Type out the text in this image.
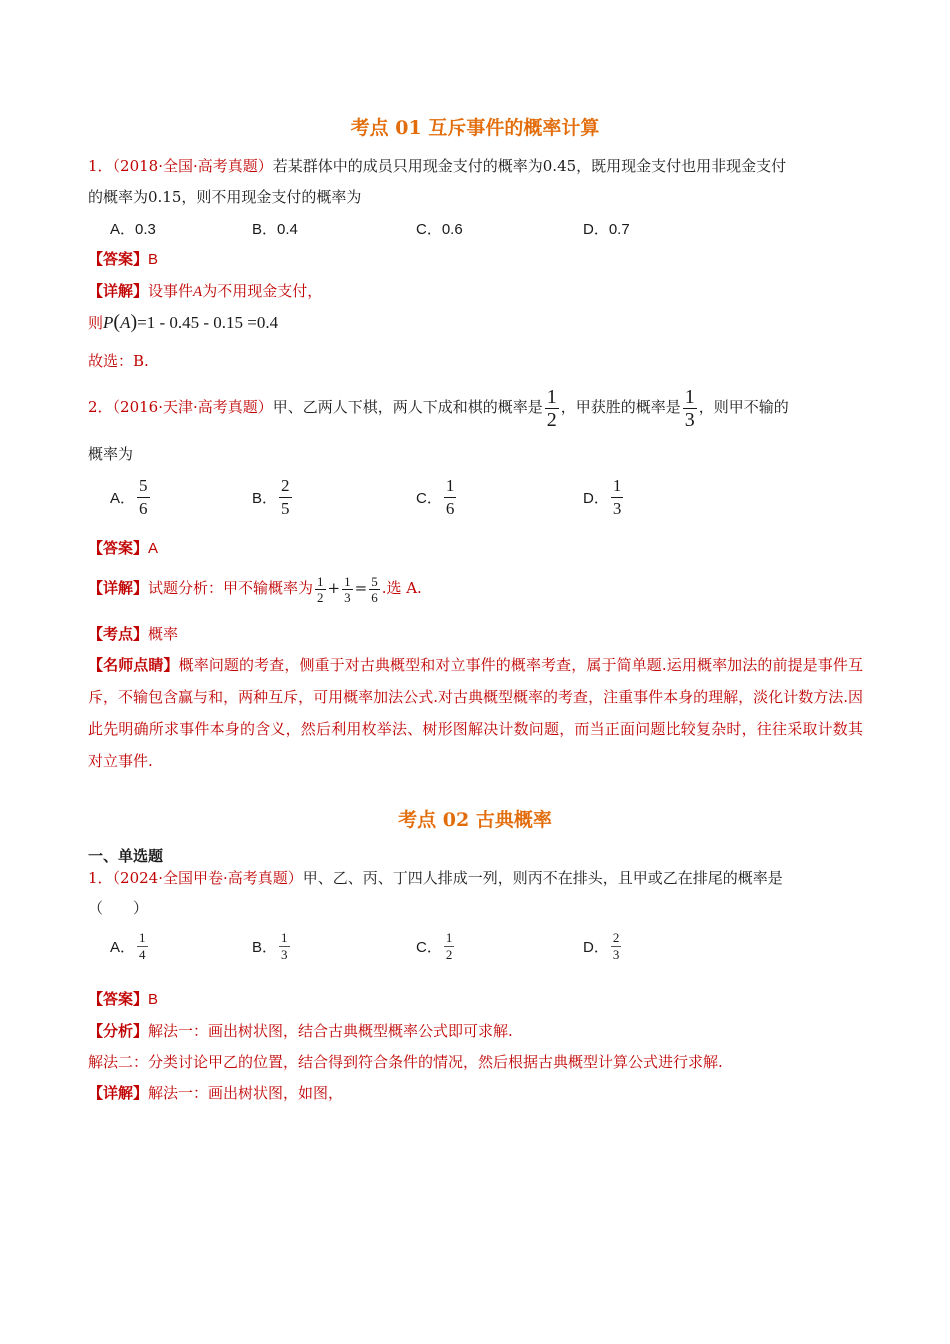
考点 01 互斥事件的概率计算
1．（2018·全国·高考真题）若某群体中的成员只用现金支付的概率为0.45，既用现金支付也用非现金支付
的概率为0.15，则不用现金支付的概率为
A．0.3	B．0.4	C．0.6	D．0.7
【答案】B
【详解】设事件A为不用现金支付，
则P(A)=1 - 0.45 - 0.15 =0.4
故选：B.
2．（2016·天津·高考真题）甲、乙两人下棋，两人下成和棋的概率是 $\frac{1}{2}$ ，甲获胜的概率是 $\frac{1}{3}$ ，则甲不输的
概率为
A． $\frac{5}{6}$	B． $\frac{2}{5}$	C． $\frac{1}{6}$	D． $\frac{1}{3}$
【答案】A
【详解】试题分析：甲不输概率为 $\frac{1}{2} + \frac{1}{3} = \frac{5}{6}$ .选 A.
【考点】概率
【名师点睛】概率问题的考查，侧重于对古典概型和对立事件的概率考查，属于简单题.运用概率加法的前提是事件互斥，不输包含赢与和，两种互斥，可用概率加法公式.对古典概型概率的考查，注重事件本身的理解，淡化计数方法.因此先明确所求事件本身的含义，然后利用枚举法、树形图解决计数问题，而当正面问题比较复杂时，往往采取计数其对立事件.
考点 02 古典概率
一、单选题
1．（2024·全国甲卷·高考真题）甲、乙、丙、丁四人排成一列，则丙不在排头，且甲或乙在排尾的概率是
（　　）
A． $\frac{1}{4}$	B． $\frac{1}{3}$	C． $\frac{1}{2}$	D． $\frac{2}{3}$
【答案】B
【分析】解法一：画出树状图，结合古典概型概率公式即可求解.
解法二：分类讨论甲乙的位置，结合得到符合条件的情况，然后根据古典概型计算公式进行求解.
【详解】解法一：画出树状图，如图，
